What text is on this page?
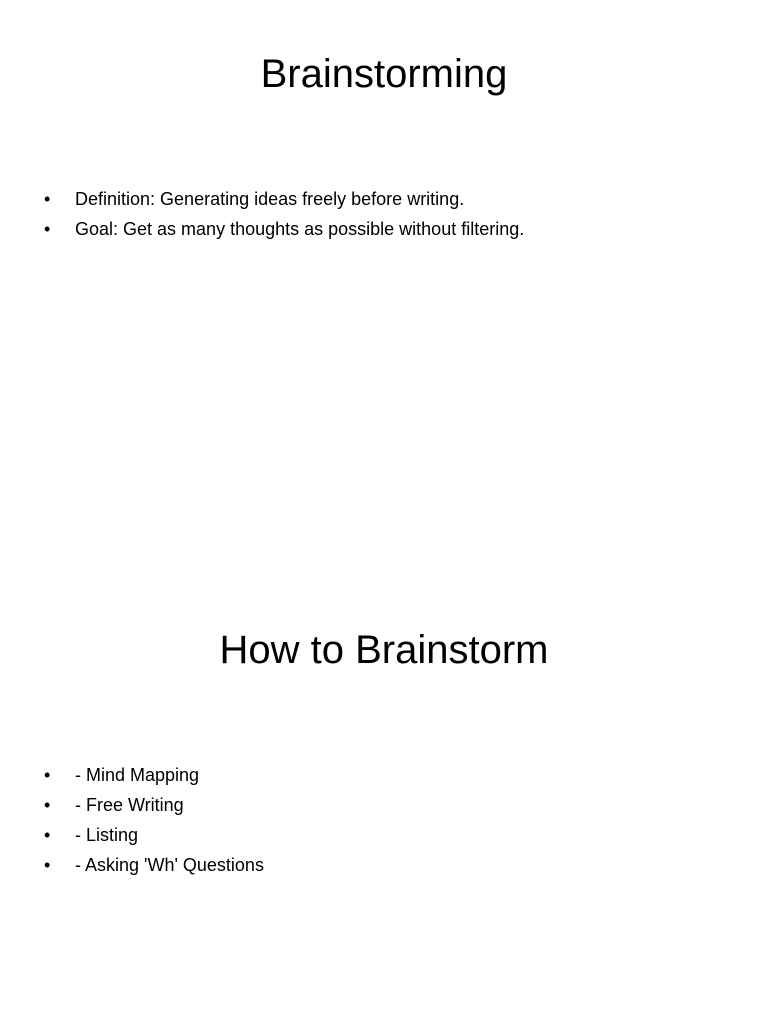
Brainstorming
•	Definition: Generating ideas freely before writing.
•	Goal: Get as many thoughts as possible without filtering.
How to Brainstorm
•	- Mind Mapping
•	- Free Writing
•	- Listing
•	- Asking 'Wh' Questions
